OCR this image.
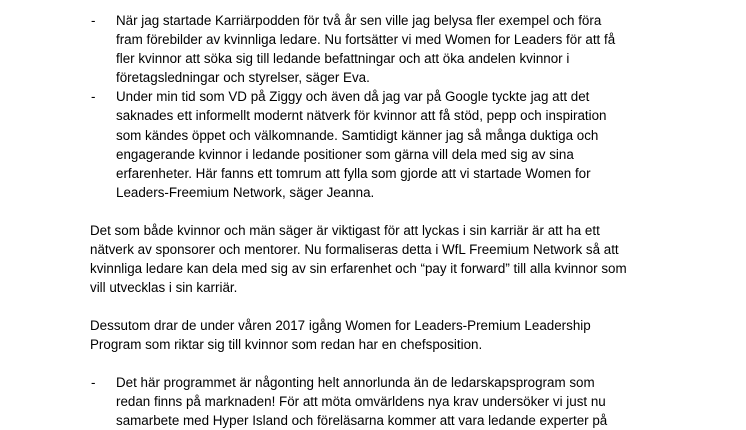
- När jag startade Karriärpodden för två år sen ville jag belysa fler exempel och föra
fram förebilder av kvinnliga ledare. Nu fortsätter vi med Women for Leaders för att få
fler kvinnor att söka sig till ledande befattningar och att öka andelen kvinnor i
företagsledningar och styrelser, säger Eva.
- Under min tid som VD på Ziggy och även då jag var på Google tyckte jag att det
saknades ett informellt modernt nätverk för kvinnor att få stöd, pepp och inspiration
som kändes öppet och välkomnande. Samtidigt känner jag så många duktiga och
engagerande kvinnor i ledande positioner som gärna vill dela med sig av sina
erfarenheter. Här fanns ett tomrum att fylla som gjorde att vi startade Women for
Leaders-Freemium Network, säger Jeanna.
Det som både kvinnor och män säger är viktigast för att lyckas i sin karriär är att ha ett
nätverk av sponsorer och mentorer. Nu formaliseras detta i WfL Freemium Network så att
kvinnliga ledare kan dela med sig av sin erfarenhet och “pay it forward” till alla kvinnor som
vill utvecklas i sin karriär.
Dessutom drar de under våren 2017 igång Women for Leaders-Premium Leadership
Program som riktar sig till kvinnor som redan har en chefsposition.
- Det här programmet är någonting helt annorlunda än de ledarskapsprogram som
redan finns på marknaden! För att möta omvärldens nya krav undersöker vi just nu
samarbete med Hyper Island och föreläsarna kommer att vara ledande experter på
